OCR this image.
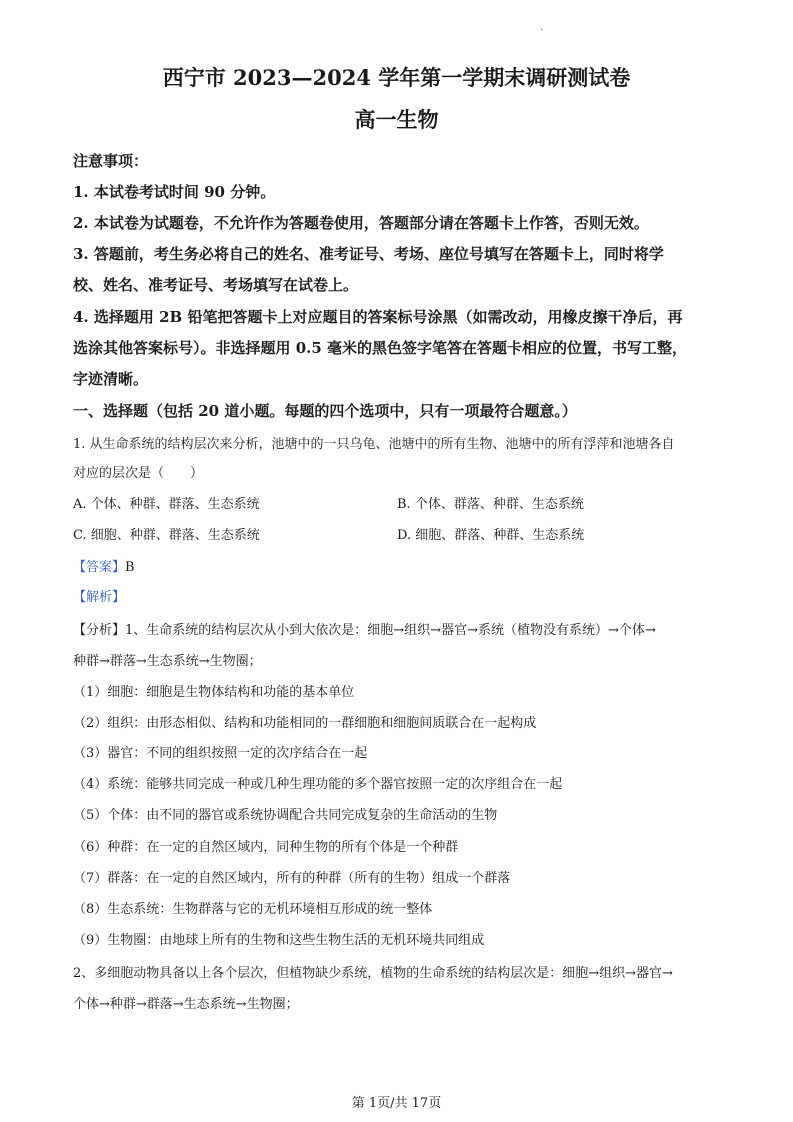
.
西宁市 2023—2024 学年第一学期末调研测试卷
高一生物
注意事项：
1. 本试卷考试时间 90 分钟。
2. 本试卷为试题卷，不允许作为答题卷使用，答题部分请在答题卡上作答，否则无效。
3. 答题前，考生务必将自己的姓名、准考证号、考场、座位号填写在答题卡上，同时将学
校、姓名、准考证号、考场填写在试卷上。
4. 选择题用 2B 铅笔把答题卡上对应题目的答案标号涂黑（如需改动，用橡皮擦干净后，再
选涂其他答案标号）。非选择题用 0.5 毫米的黑色签字笔答在答题卡相应的位置，书写工整，
字迹清晰。
一、选择题（包括 20 道小题。每题的四个选项中，只有一项最符合题意。）
1. 从生命系统的结构层次来分析，池塘中的一只乌龟、池塘中的所有生物、池塘中的所有浮萍和池塘各自
对应的层次是（　　）
A. 个体、种群、群落、生态系统	B. 个体、群落、种群、生态系统
C. 细胞、种群、群落、生态系统	D. 细胞、群落、种群、生态系统
【答案】B
【解析】
【分析】1、生命系统的结构层次从小到大依次是：细胞→组织→器官→系统（植物没有系统）→个体→
种群→群落→生态系统→生物圈；
（1）细胞：细胞是生物体结构和功能的基本单位
（2）组织：由形态相似、结构和功能相同的一群细胞和细胞间质联合在一起构成
（3）器官：不同的组织按照一定的次序结合在一起
（4）系统：能够共同完成一种或几种生理功能的多个器官按照一定的次序组合在一起
（5）个体：由不同的器官或系统协调配合共同完成复杂的生命活动的生物
（6）种群：在一定的自然区域内，同种生物的所有个体是一个种群
（7）群落：在一定的自然区域内，所有的种群（所有的生物）组成一个群落
（8）生态系统：生物群落与它的无机环境相互形成的统一整体
（9）生物圈：由地球上所有的生物和这些生物生活的无机环境共同组成
2、多细胞动物具备以上各个层次，但植物缺少系统，植物的生命系统的结构层次是：细胞→组织→器官→
个体→种群→群落→生态系统→生物圈；
第 1页/共 17页
